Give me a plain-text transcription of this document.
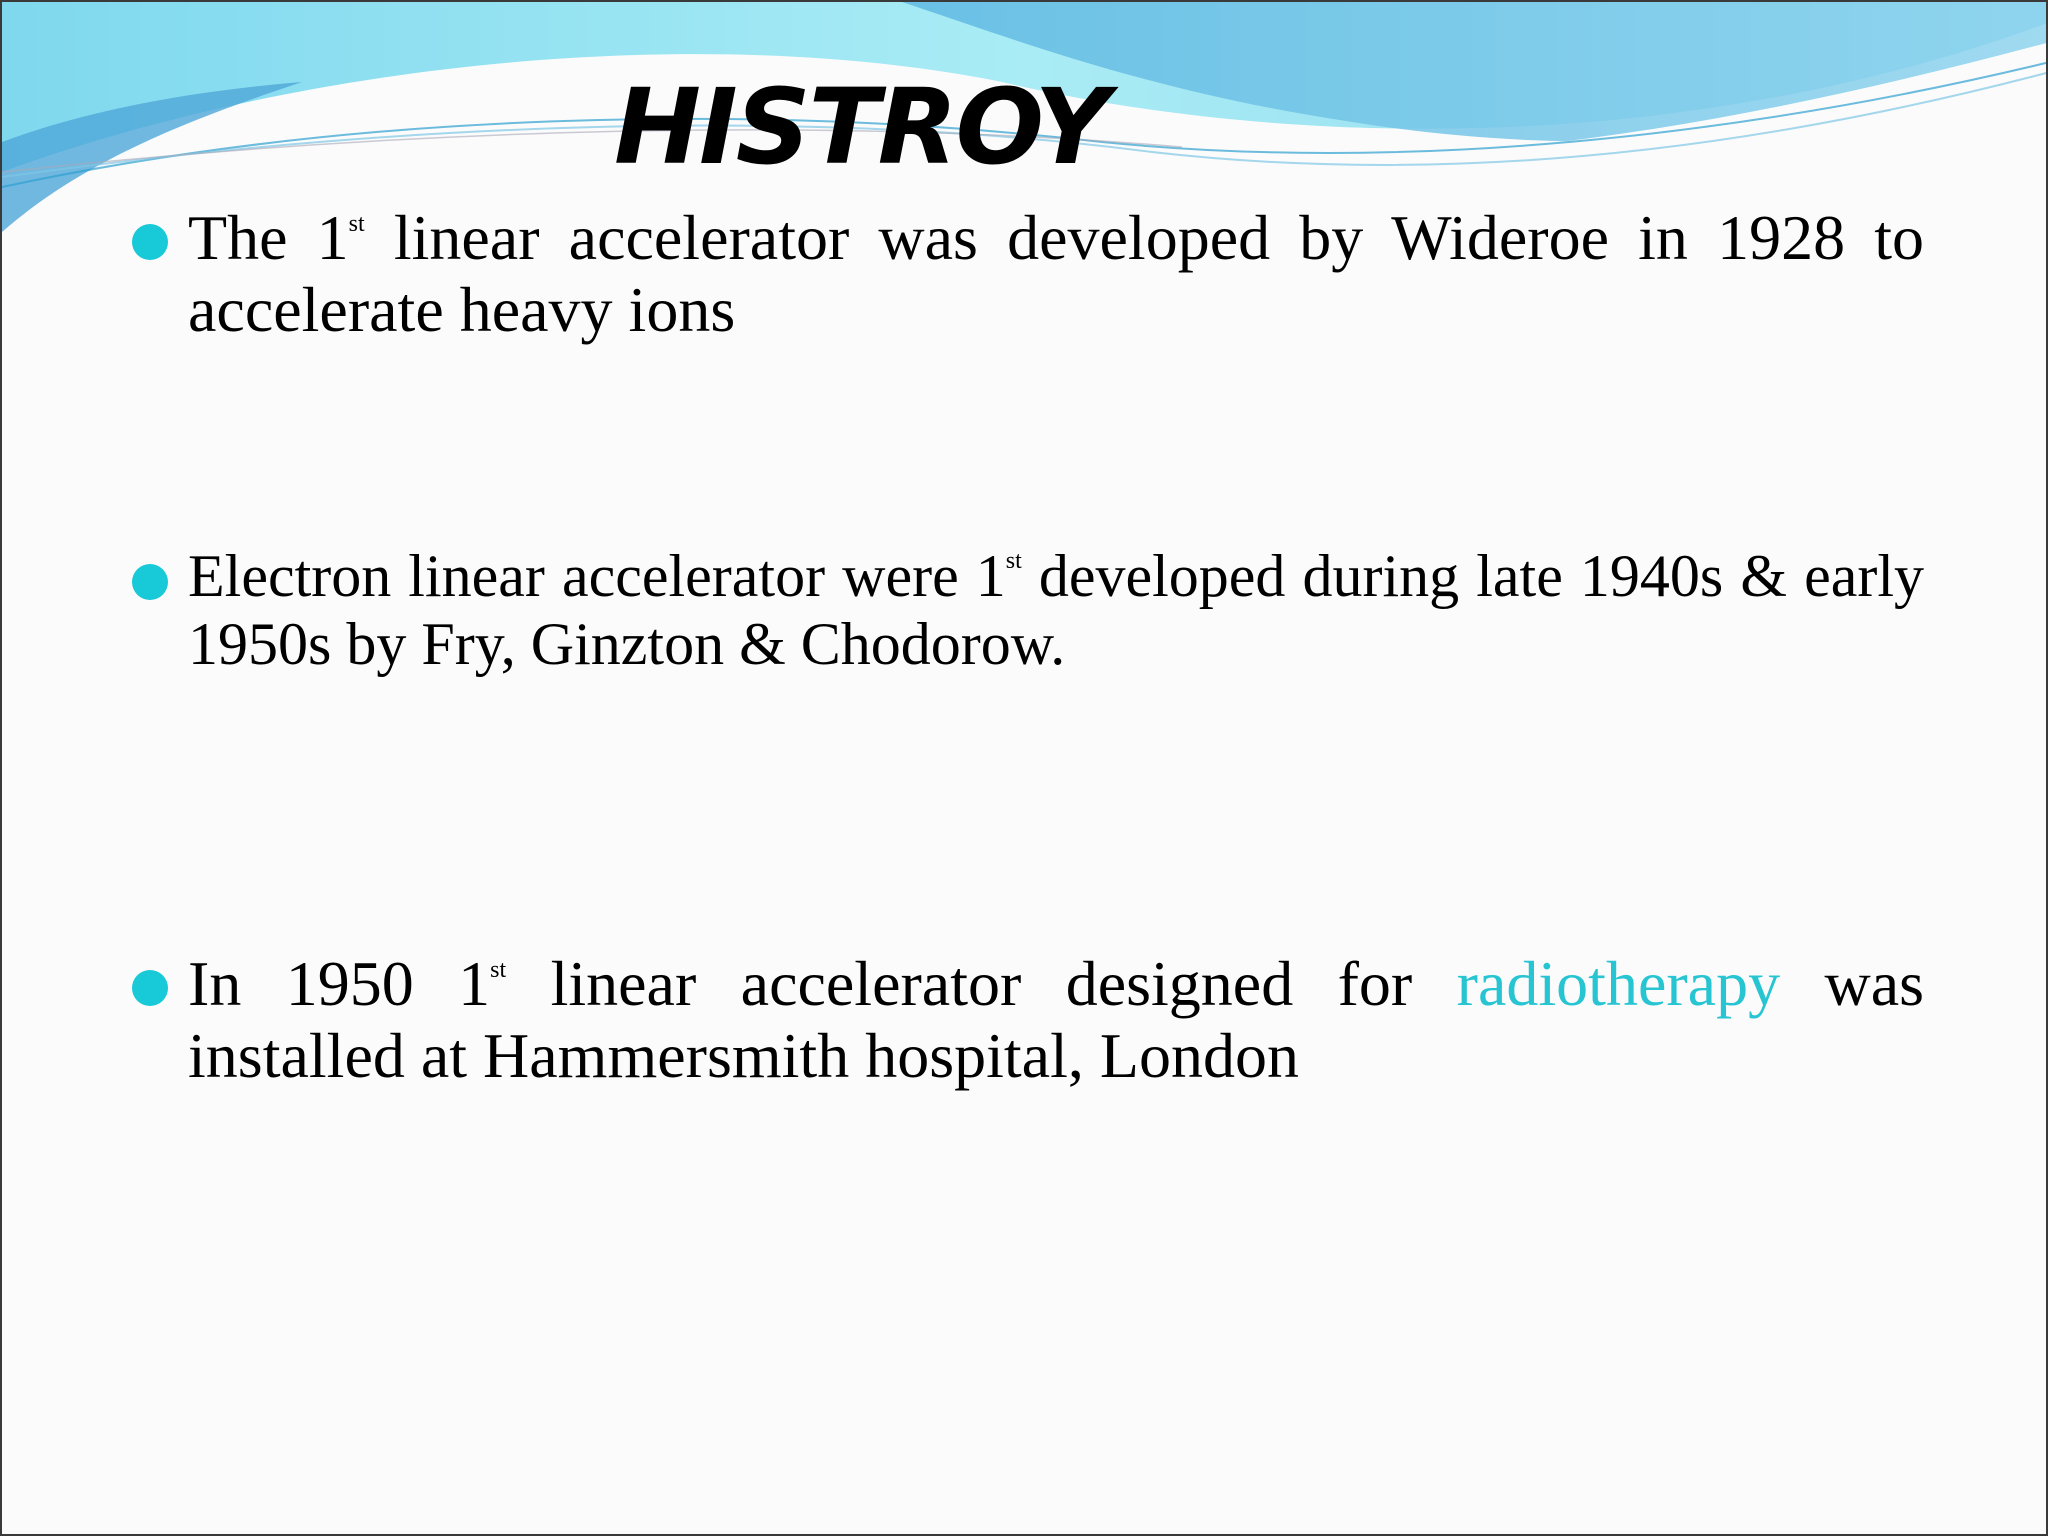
HISTROY
The 1st linear accelerator was developed by Wideroe in 1928 to accelerate heavy ions
Electron linear accelerator were 1st developed during late 1940s & early 1950s by Fry, Ginzton & Chodorow.
In 1950 1st linear accelerator designed for radiotherapy was installed at Hammersmith hospital, London
